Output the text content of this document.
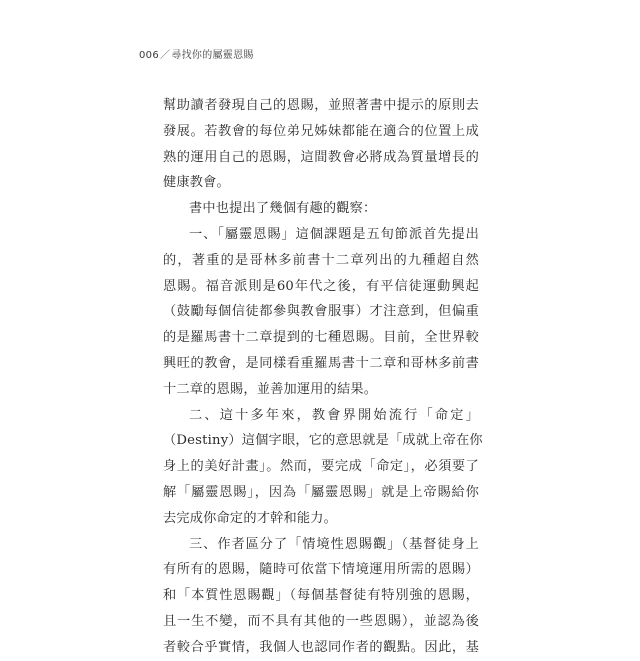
006／尋找你的屬靈恩賜
幫助讀者發現自己的恩賜，並照著書中提示的原則去
發展。若教會的每位弟兄姊妹都能在適合的位置上成
熟的運用自己的恩賜，這間教會必將成為質量增長的
健康教會。
書中也提出了幾個有趣的觀察：
一、「屬靈恩賜」這個課題是五旬節派首先提出
的，著重的是哥林多前書十二章列出的九種超自然
恩賜。福音派則是60年代之後，有平信徒運動興起
（鼓勵每個信徒都參與教會服事）才注意到，但偏重
的是羅馬書十二章提到的七種恩賜。目前，全世界較
興旺的教會，是同樣看重羅馬書十二章和哥林多前書
十二章的恩賜，並善加運用的結果。
二、這十多年來，教會界開始流行「命定」
（Destiny）這個字眼，它的意思就是「成就上帝在你
身上的美好計畫」。然而，要完成「命定」，必須要了
解「屬靈恩賜」，因為「屬靈恩賜」就是上帝賜給你
去完成你命定的才幹和能力。
三、作者區分了「情境性恩賜觀」（基督徒身上
有所有的恩賜，隨時可依當下情境運用所需的恩賜）
和「本質性恩賜觀」（每個基督徒有特別強的恩賜，
且一生不變，而不具有其他的一些恩賜），並認為後
者較合乎實情，我個人也認同作者的觀點。因此，基
